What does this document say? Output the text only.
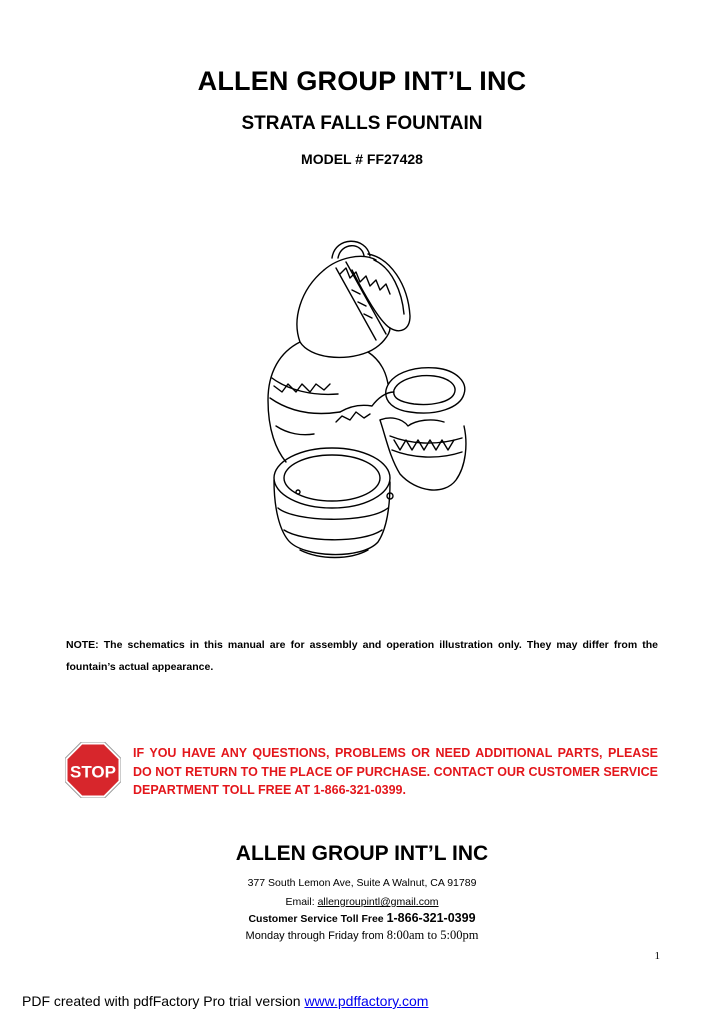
ALLEN GROUP INT’L INC
STRATA FALLS FOUNTAIN
MODEL # FF27428
NOTE: The schematics in this manual are for assembly and operation illustration only. They may differ from the fountain’s actual appearance.
STOP
IF YOU HAVE ANY QUESTIONS, PROBLEMS OR NEED ADDITIONAL PARTS, PLEASE DO NOT RETURN TO THE PLACE OF PURCHASE. CONTACT OUR CUSTOMER SERVICE DEPARTMENT TOLL FREE AT 1-866-321-0399.
ALLEN GROUP INT’L INC
377 South Lemon Ave, Suite A Walnut, CA 91789
Email: allengroupintl@gmail.com
Customer Service Toll Free 1-866-321-0399
Monday through Friday from 8:00am to 5:00pm
1
PDF created with pdfFactory Pro trial version www.pdffactory.com
